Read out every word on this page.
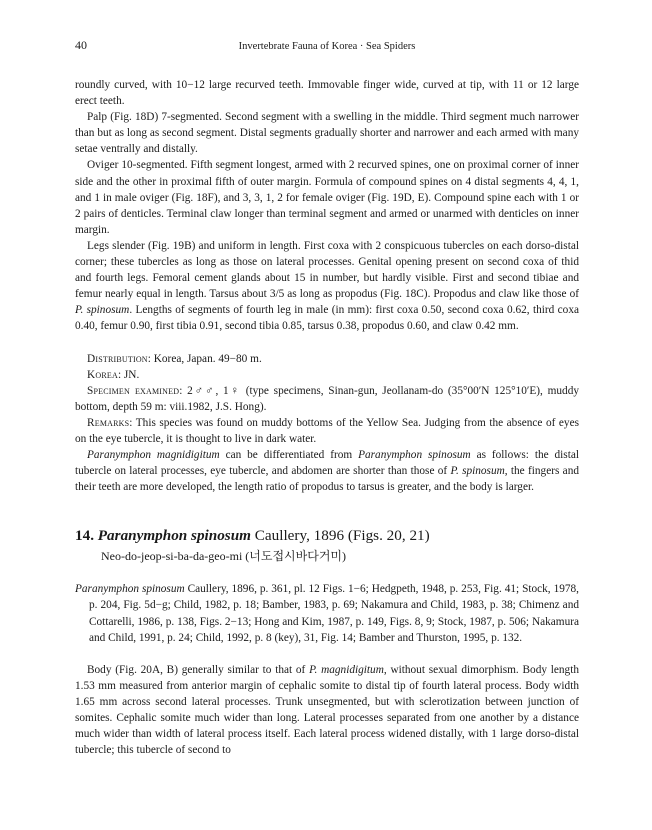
40	Invertebrate Fauna of Korea · Sea Spiders

roundly curved, with 10−12 large recurved teeth. Immovable finger wide, curved at tip, with 11 or 12 large erect teeth.

Palp (Fig. 18D) 7-segmented. Second segment with a swelling in the middle. Third segment much narrower than but as long as second segment. Distal segments gradually shorter and narrower and each armed with many setae ventrally and distally.

Oviger 10-segmented. Fifth segment longest, armed with 2 recurved spines, one on proximal corner of inner side and the other in proximal fifth of outer margin. Formula of compound spines on 4 distal segments 4, 4, 1, and 1 in male oviger (Fig. 18F), and 3, 3, 1, 2 for female oviger (Fig. 19D, E). Compound spine each with 1 or 2 pairs of denticles. Terminal claw longer than terminal segment and armed or unarmed with denticles on inner margin.

Legs slender (Fig. 19B) and uniform in length. First coxa with 2 conspicuous tubercles on each dorso-distal corner; these tubercles as long as those on lateral processes. Genital opening present on second coxa of thid and fourth legs. Femoral cement glands about 15 in number, but hardly visible. First and second tibiae and femur nearly equal in length. Tarsus about 3/5 as long as propodus (Fig. 18C). Propodus and claw like those of P. spinosum. Lengths of segments of fourth leg in male (in mm): first coxa 0.50, second coxa 0.62, third coxa 0.40, femur 0.90, first tibia 0.91, second tibia 0.85, tarsus 0.38, propodus 0.60, and claw 0.42 mm.

Distribution: Korea, Japan. 49−80 m.

Korea: JN.

Specimen examined: 2♂♂, 1♀ (type specimens, Sinan-gun, Jeollanam-do (35°00′N 125°10′E), muddy bottom, depth 59 m: viii.1982, J.S. Hong).

Remarks: This species was found on muddy bottoms of the Yellow Sea. Judging from the absence of eyes on the eye tubercle, it is thought to live in dark water.

Paranymphon magnidigitum can be differentiated from Paranymphon spinosum as follows: the distal tubercle on lateral processes, eye tubercle, and abdomen are shorter than those of P. spinosum, the fingers and their teeth are more developed, the length ratio of propodus to tarsus is greater, and the body is larger.

14. Paranymphon spinosum Caullery, 1896 (Figs. 20, 21)
Neo-do-jeop-si-ba-da-geo-mi (너도접시바다거미)

Paranymphon spinosum Caullery, 1896, p. 361, pl. 12 Figs. 1−6; Hedgpeth, 1948, p. 253, Fig. 41; Stock, 1978, p. 204, Fig. 5d−g; Child, 1982, p. 18; Bamber, 1983, p. 69; Nakamura and Child, 1983, p. 38; Chimenz and Cottarelli, 1986, p. 138, Figs. 2−13; Hong and Kim, 1987, p. 149, Figs. 8, 9; Stock, 1987, p. 506; Nakamura and Child, 1991, p. 24; Child, 1992, p. 8 (key), 31, Fig. 14; Bamber and Thurston, 1995, p. 132.

Body (Fig. 20A, B) generally similar to that of P. magnidigitum, without sexual dimorphism. Body length 1.53 mm measured from anterior margin of cephalic somite to distal tip of fourth lateral process. Body width 1.65 mm across second lateral processes. Trunk unsegmented, but with sclerotization between junction of somites. Cephalic somite much wider than long. Lateral processes separated from one another by a distance much wider than width of lateral process itself. Each lateral process widened distally, with 1 large dorso-distal tubercle; this tubercle of second to
